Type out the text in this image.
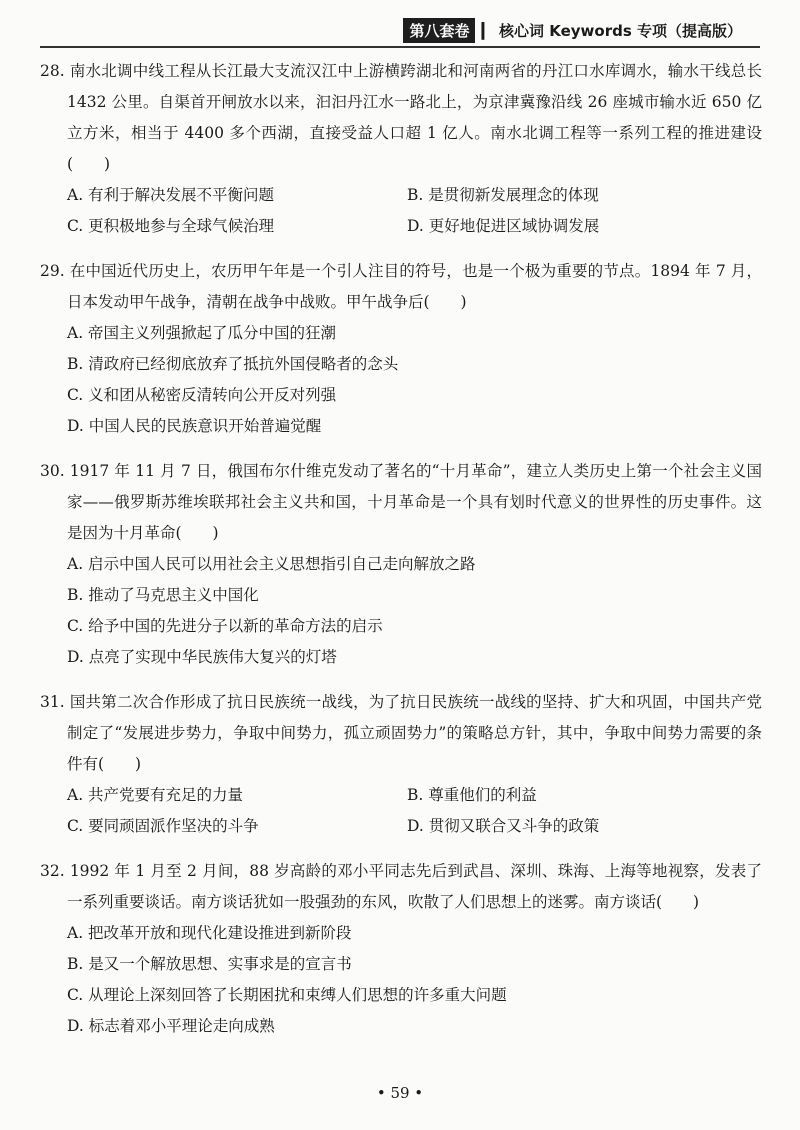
第八套卷 ▎ 核心词 Keywords 专项（提高版）
28. 南水北调中线工程从长江最大支流汉江中上游横跨湖北和河南两省的丹江口水库调水，输水干线总长 1432 公里。自渠首开闸放水以来，汩汩丹江水一路北上，为京津冀豫沿线 26 座城市输水近 650 亿立方米，相当于 4400 多个西湖，直接受益人口超 1 亿人。南水北调工程等一系列工程的推进建设(　　)
A. 有利于解决发展不平衡问题	B. 是贯彻新发展理念的体现
C. 更积极地参与全球气候治理	D. 更好地促进区域协调发展
29. 在中国近代历史上，农历甲午年是一个引人注目的符号，也是一个极为重要的节点。1894 年 7 月，日本发动甲午战争，清朝在战争中战败。甲午战争后(　　)
A. 帝国主义列强掀起了瓜分中国的狂潮
B. 清政府已经彻底放弃了抵抗外国侵略者的念头
C. 义和团从秘密反清转向公开反对列强
D. 中国人民的民族意识开始普遍觉醒
30. 1917 年 11 月 7 日，俄国布尔什维克发动了著名的“十月革命”，建立人类历史上第一个社会主义国家——俄罗斯苏维埃联邦社会主义共和国，十月革命是一个具有划时代意义的世界性的历史事件。这是因为十月革命(　　)
A. 启示中国人民可以用社会主义思想指引自己走向解放之路
B. 推动了马克思主义中国化
C. 给予中国的先进分子以新的革命方法的启示
D. 点亮了实现中华民族伟大复兴的灯塔
31. 国共第二次合作形成了抗日民族统一战线，为了抗日民族统一战线的坚持、扩大和巩固，中国共产党制定了“发展进步势力，争取中间势力，孤立顽固势力”的策略总方针，其中，争取中间势力需要的条件有(　　)
A. 共产党要有充足的力量	B. 尊重他们的利益
C. 要同顽固派作坚决的斗争	D. 贯彻又联合又斗争的政策
32. 1992 年 1 月至 2 月间，88 岁高龄的邓小平同志先后到武昌、深圳、珠海、上海等地视察，发表了一系列重要谈话。南方谈话犹如一股强劲的东风，吹散了人们思想上的迷雾。南方谈话(　　)
A. 把改革开放和现代化建设推进到新阶段
B. 是又一个解放思想、实事求是的宣言书
C. 从理论上深刻回答了长期困扰和束缚人们思想的许多重大问题
D. 标志着邓小平理论走向成熟
• 59 •
